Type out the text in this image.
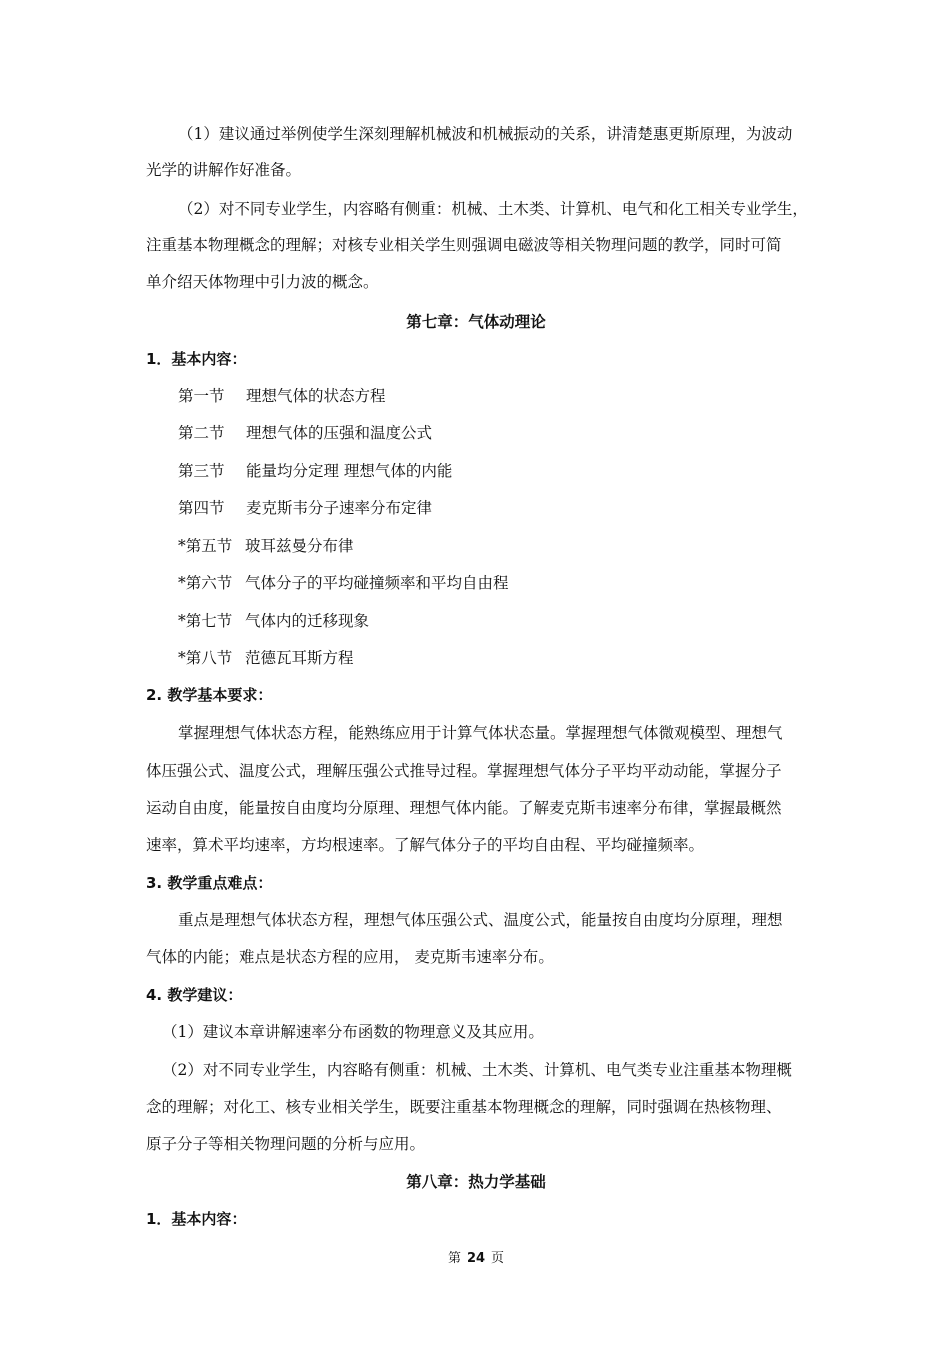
（1）建议通过举例使学生深刻理解机械波和机械振动的关系，讲清楚惠更斯原理，为波动
光学的讲解作好准备。
（2）对不同专业学生，内容略有侧重：机械、土木类、计算机、电气和化工相关专业学生，
注重基本物理概念的理解；对核专业相关学生则强调电磁波等相关物理问题的教学，同时可简
单介绍天体物理中引力波的概念。
第七章：气体动理论
1．基本内容：
第一节 理想气体的状态方程
第二节 理想气体的压强和温度公式
第三节 能量均分定理 理想气体的内能
第四节 麦克斯韦分子速率分布定律
*第五节 玻耳兹曼分布律
*第六节 气体分子的平均碰撞频率和平均自由程
*第七节 气体内的迁移现象
*第八节 范德瓦耳斯方程
2. 教学基本要求：
掌握理想气体状态方程，能熟练应用于计算气体状态量。掌握理想气体微观模型、理想气
体压强公式、温度公式，理解压强公式推导过程。掌握理想气体分子平均平动动能，掌握分子
运动自由度，能量按自由度均分原理、理想气体内能。了解麦克斯韦速率分布律，掌握最概然
速率，算术平均速率，方均根速率。了解气体分子的平均自由程、平均碰撞频率。
3. 教学重点难点：
重点是理想气体状态方程，理想气体压强公式、温度公式，能量按自由度均分原理，理想
气体的内能；难点是状态方程的应用， 麦克斯韦速率分布。
4. 教学建议：
（1）建议本章讲解速率分布函数的物理意义及其应用。
（2）对不同专业学生，内容略有侧重：机械、土木类、计算机、电气类专业注重基本物理概
念的理解；对化工、核专业相关学生，既要注重基本物理概念的理解，同时强调在热核物理、
原子分子等相关物理问题的分析与应用。
第八章：热力学基础
1．基本内容：
第 24 页
